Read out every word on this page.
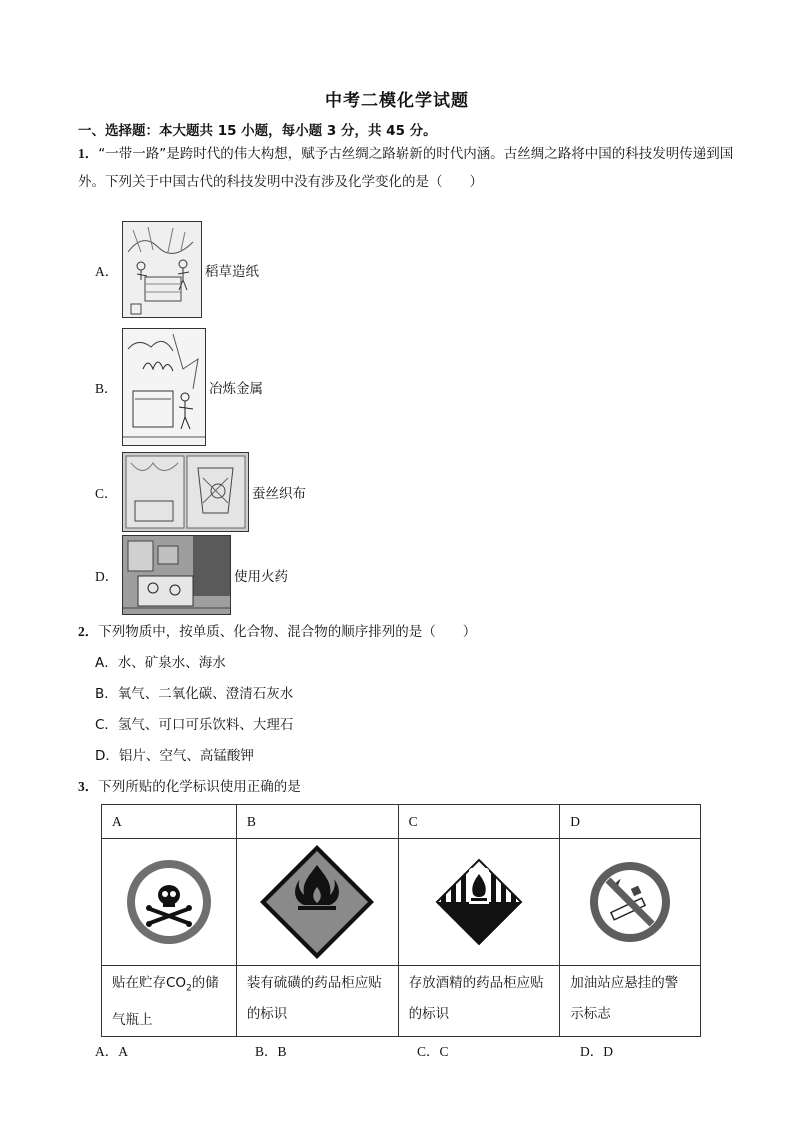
中考二模化学试题
一、选择题：本大题共 15 小题，每小题 3 分，共 45 分。
1．“一带一路”是跨时代的伟大构想，赋予古丝绸之路崭新的时代内涵。古丝绸之路将中国的科技发明传递到国外。下列关于中国古代的科技发明中没有涉及化学变化的是（　　）
A．	稻草造纸
B．	冶炼金属
C．	蚕丝织布
D．	使用火药
2．下列物质中，按单质、化合物、混合物的顺序排列的是（　　）
A．水、矿泉水、海水
B．氧气、二氧化碳、澄清石灰水
C．氢气、可口可乐饮料、大理石
D．铝片、空气、高锰酸钾
3．下列所贴的化学标识使用正确的是
A	B	C	D

贴在贮存$CO_2$的储气瓶上	装有硫磺的药品柜应贴的标识	存放酒精的药品柜应贴的标识	加油站应悬挂的警示标志
A．A	B．B	C．C	D．D
